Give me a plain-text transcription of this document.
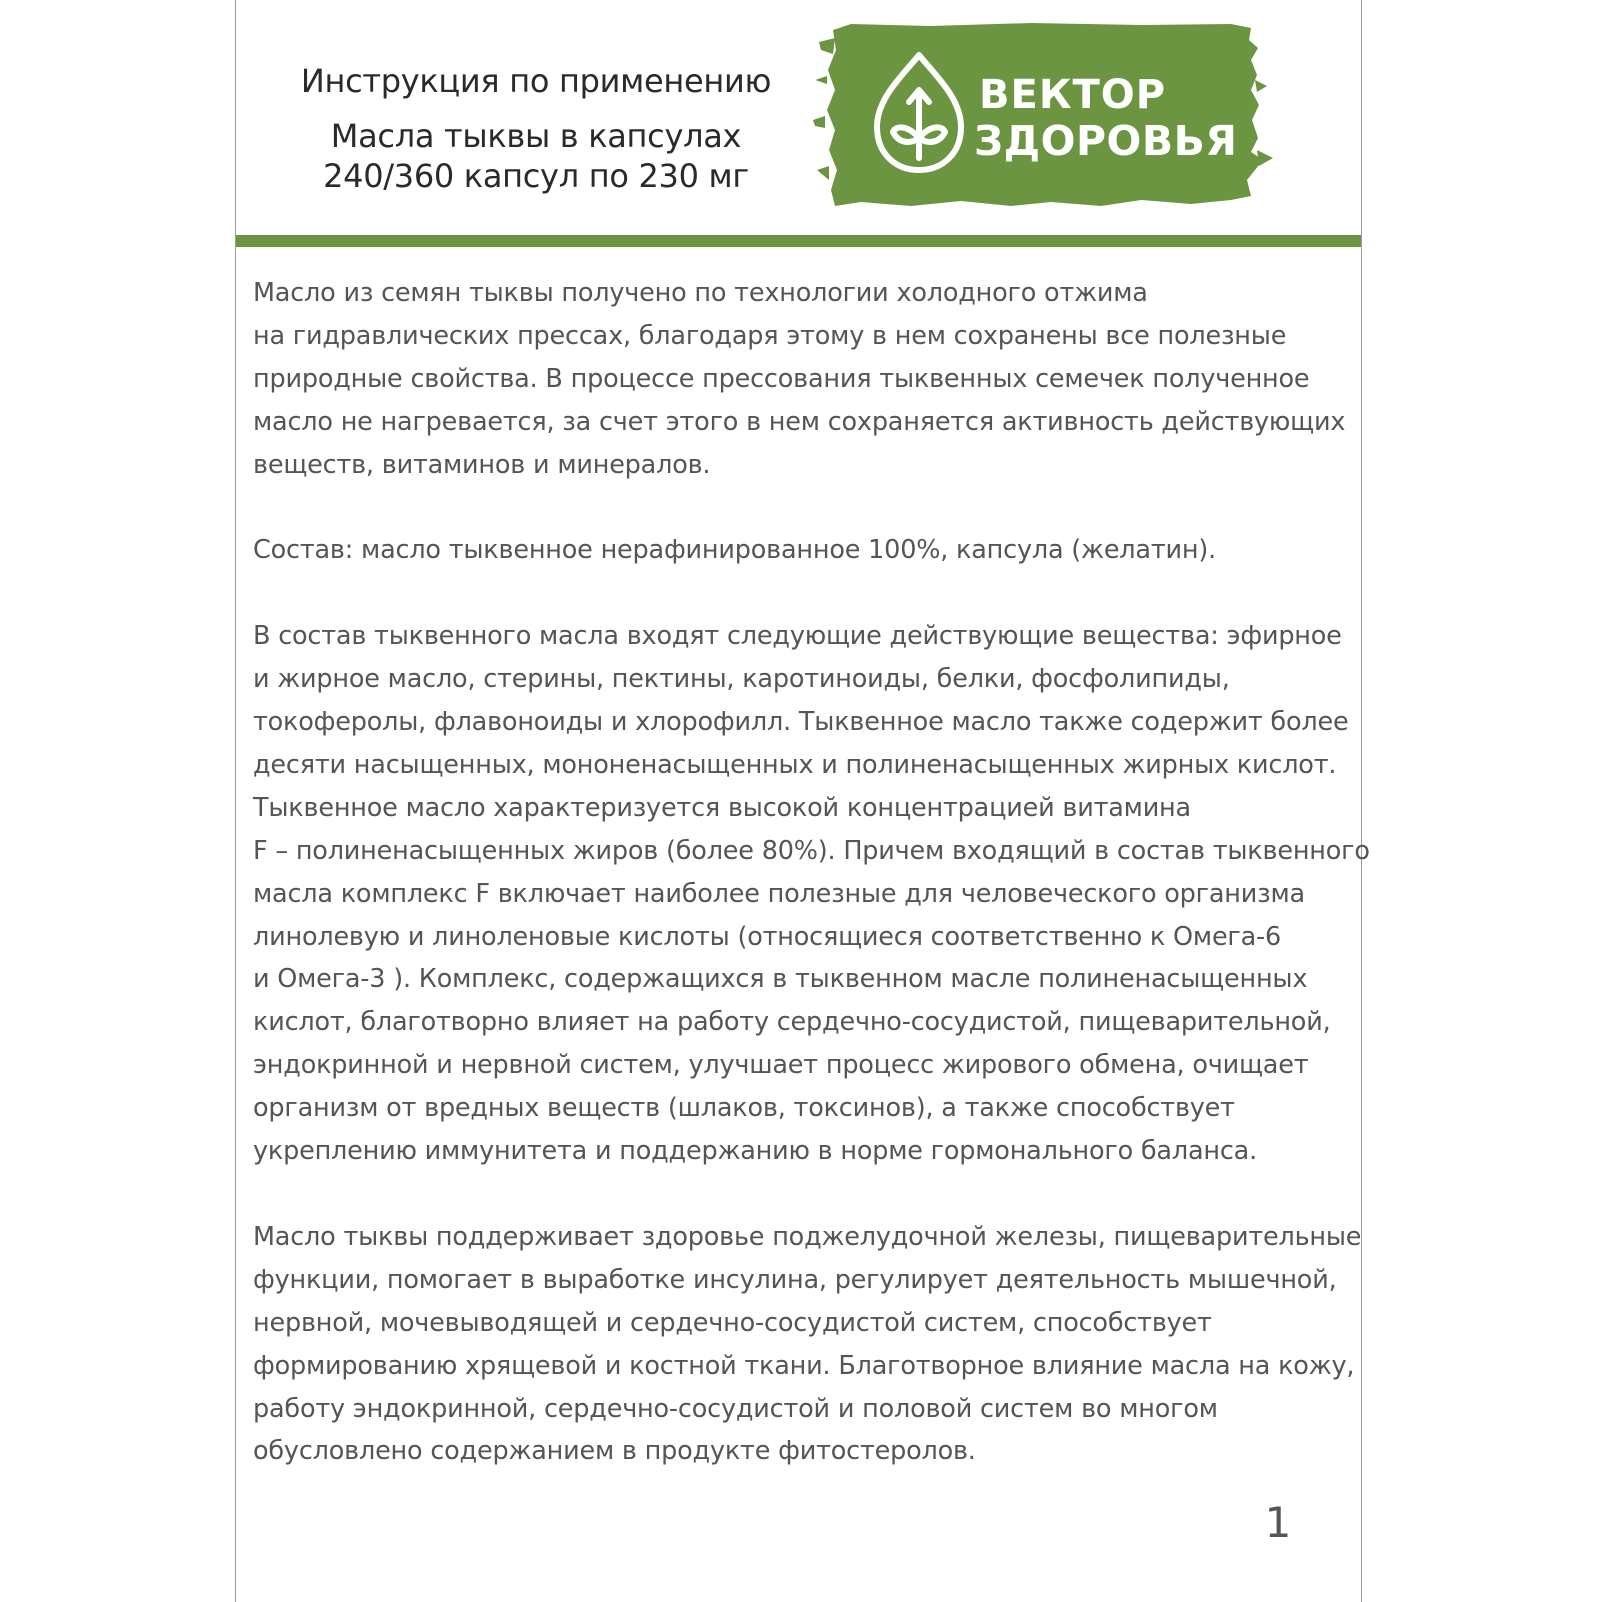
Инструкция по применению
Масла тыквы в капсулах
240/360 капсул по 230 мг
ВЕКТОР
ЗДОРОВЬЯ

Масло из семян тыквы получено по технологии холодного отжима
на гидравлических прессах, благодаря этому в нем сохранены все полезные
природные свойства. В процессе прессования тыквенных семечек полученное
масло не нагревается, за счет этого в нем сохраняется активность действующих
веществ, витаминов и минералов.

Состав: масло тыквенное нерафинированное 100%, капсула (желатин).

В состав тыквенного масла входят следующие действующие вещества: эфирное
и жирное масло, стерины, пектины, каротиноиды, белки, фосфолипиды,
токоферолы, флавоноиды и хлорофилл. Тыквенное масло также содержит более
десяти насыщенных, мононенасыщенных и полиненасыщенных жирных кислот.
Тыквенное масло характеризуется высокой концентрацией витамина
F – полиненасыщенных жиров (более 80%). Причем входящий в состав тыквенного
масла комплекс F включает наиболее полезные для человеческого организма
линолевую и линоленовые кислоты (относящиеся соответственно к Омега-6
и Омега-3 ). Комплекс, содержащихся в тыквенном масле полиненасыщенных
кислот, благотворно влияет на работу сердечно-сосудистой, пищеварительной,
эндокринной и нервной систем, улучшает процесс жирового обмена, очищает
организм от вредных веществ (шлаков, токсинов), а также способствует
укреплению иммунитета и поддержанию в норме гормонального баланса.

Масло тыквы поддерживает здоровье поджелудочной железы, пищеварительные
функции, помогает в выработке инсулина, регулирует деятельность мышечной,
нервной, мочевыводящей и сердечно-сосудистой систем, способствует
формированию хрящевой и костной ткани. Благотворное влияние масла на кожу,
работу эндокринной, сердечно-сосудистой и половой систем во многом
обусловлено содержанием в продукте фитостеролов.

1
